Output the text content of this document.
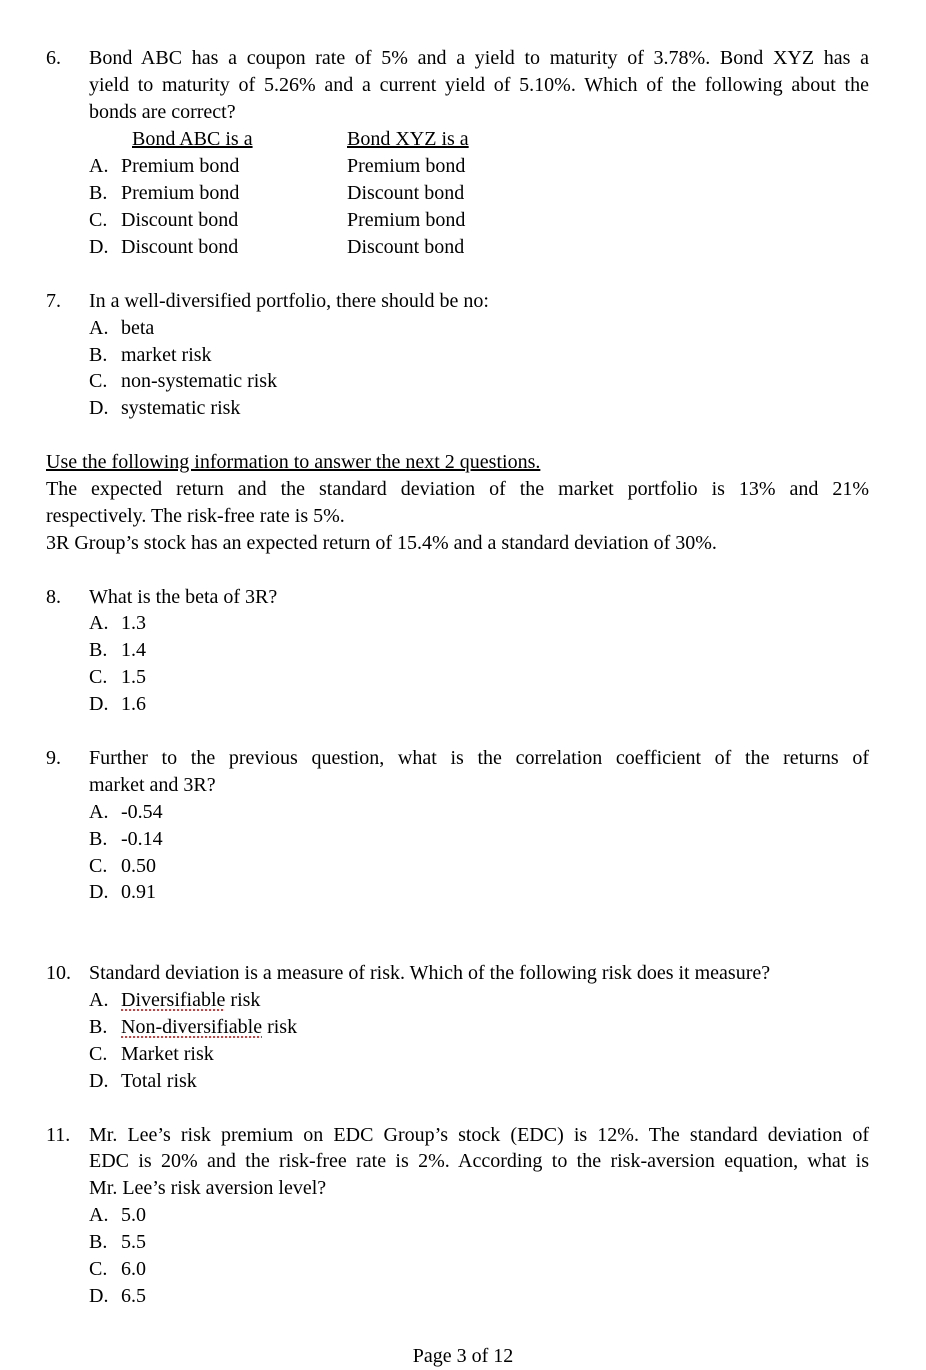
6. Bond ABC has a coupon rate of 5% and a yield to maturity of 3.78%. Bond XYZ has a
yield to maturity of 5.26% and a current yield of 5.10%. Which of the following about the
bonds are correct?
Bond ABC is a	Bond XYZ is a
A. Premium bond	Premium bond
B. Premium bond	Discount bond
C. Discount bond	Premium bond
D. Discount bond	Discount bond
7. In a well-diversified portfolio, there should be no:
A. beta
B. market risk
C. non-systematic risk
D. systematic risk
Use the following information to answer the next 2 questions.
The expected return and the standard deviation of the market portfolio is 13% and 21%
respectively. The risk-free rate is 5%.
3R Group’s stock has an expected return of 15.4% and a standard deviation of 30%.
8. What is the beta of 3R?
A. 1.3
B. 1.4
C. 1.5
D. 1.6
9. Further to the previous question, what is the correlation coefficient of the returns of
market and 3R?
A. -0.54
B. -0.14
C. 0.50
D. 0.91
10. Standard deviation is a measure of risk. Which of the following risk does it measure?
A. Diversifiable risk
B. Non-diversifiable risk
C. Market risk
D. Total risk
11. Mr. Lee’s risk premium on EDC Group’s stock (EDC) is 12%. The standard deviation of
EDC is 20% and the risk-free rate is 2%. According to the risk-aversion equation, what is
Mr. Lee’s risk aversion level?
A. 5.0
B. 5.5
C. 6.0
D. 6.5
Page 3 of 12
